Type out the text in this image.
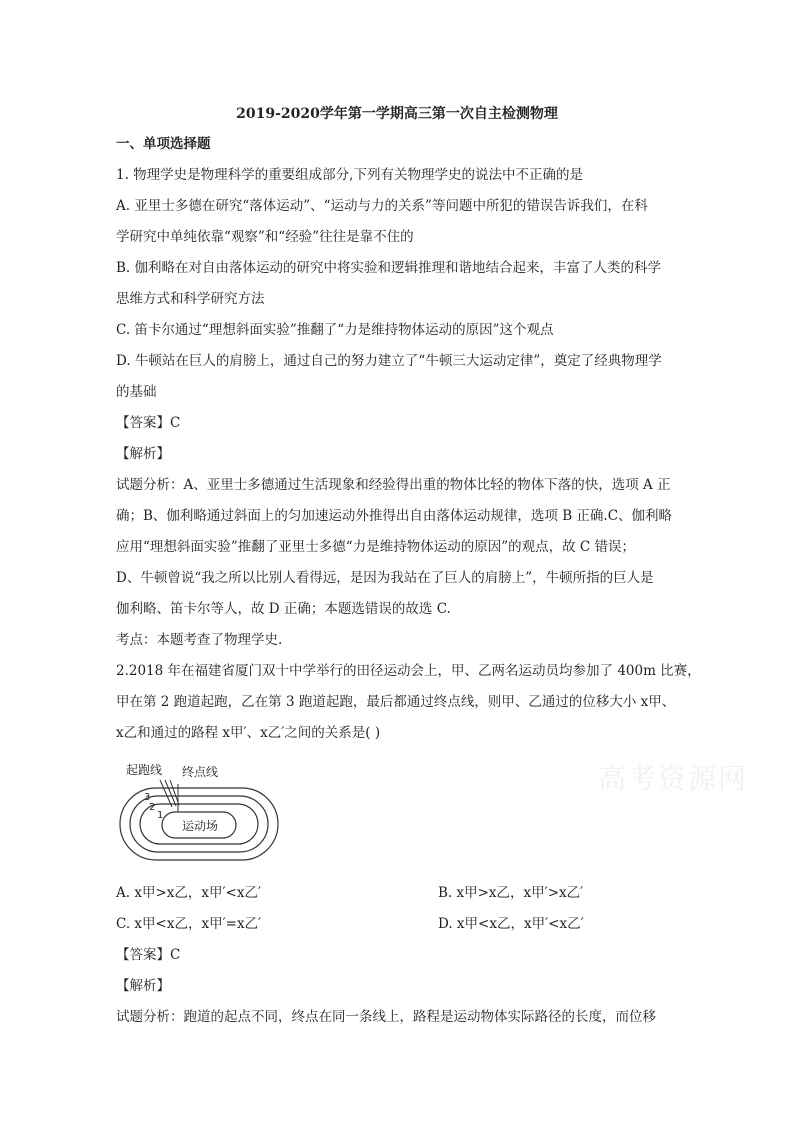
2019-2020学年第一学期高三第一次自主检测物理
一、单项选择题
1. 物理学史是物理科学的重要组成部分,下列有关物理学史的说法中不正确的是
A. 亚里士多德在研究“落体运动”、“运动与力的关系”等问题中所犯的错误告诉我们，在科
学研究中单纯依靠“观察”和“经验”往往是靠不住的
B. 伽利略在对自由落体运动的研究中将实验和逻辑推理和谐地结合起来，丰富了人类的科学
思维方式和科学研究方法
C. 笛卡尔通过“理想斜面实验”推翻了“力是维持物体运动的原因”这个观点
D. 牛顿站在巨人的肩膀上，通过自己的努力建立了“牛顿三大运动定律”，奠定了经典物理学
的基础
【答案】C
【解析】
试题分析：A、亚里士多德通过生活现象和经验得出重的物体比轻的物体下落的快，选项 A 正
确；B、伽利略通过斜面上的匀加速运动外推得出自由落体运动规律，选项 B 正确.C、伽利略
应用“理想斜面实验”推翻了亚里士多德“力是维持物体运动的原因”的观点，故 C 错误；
D、牛顿曾说“我之所以比别人看得远，是因为我站在了巨人的肩膀上”，牛顿所指的巨人是
伽利略、笛卡尔等人，故 D 正确；本题选错误的故选 C.
考点：本题考查了物理学史.
2.2018 年在福建省厦门双十中学举行的田径运动会上，甲、乙两名运动员均参加了 400m 比赛，
甲在第 2 跑道起跑，乙在第 3 跑道起跑，最后都通过终点线，则甲、乙通过的位移大小 x甲、
x乙和通过的路程 x甲′、x乙′之间的关系是( )
高考资源网
起跑线 终点线
运动场
3
2
1
A. x甲>x乙，x甲′<x乙′	B. x甲>x乙，x甲′>x乙′
C. x甲<x乙，x甲′=x乙′	D. x甲<x乙，x甲′<x乙′
【答案】C
【解析】
试题分析：跑道的起点不同，终点在同一条线上，路程是运动物体实际路径的长度，而位移
